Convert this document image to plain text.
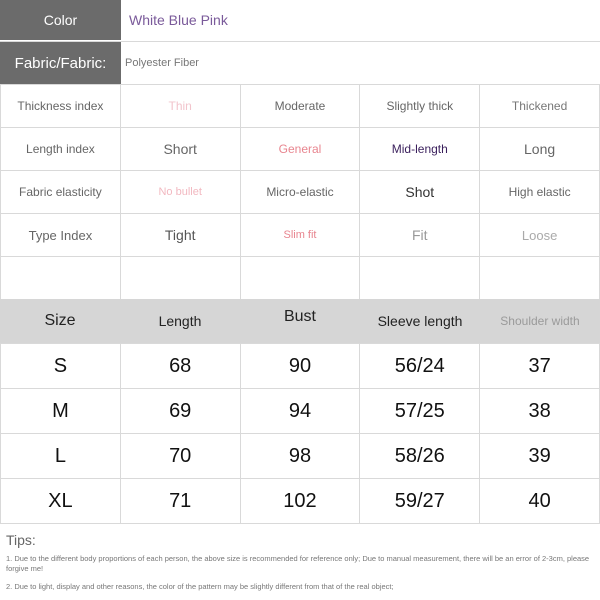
Color	White Blue Pink
Fabric/Fabric:	Polyester Fiber
Thickness index	Thin	Moderate	Slightly thick	Thickened
Length index	Short	General	Mid-length	Long
Fabric elasticity	No bullet	Micro-elastic	Shot	High elastic
Type Index	Tight	Slim fit	Fit	Loose

Size	Length	Bust	Sleeve length	Shoulder width
S	68	90	56/24	37
M	69	94	57/25	38
L	70	98	58/26	39
XL	71	102	59/27	40
Tips:
1. Due to the different body proportions of each person, the above size is recommended for reference only; Due to manual measurement, there will be an error of 2-3cm, please forgive me!
2. Due to light, display and other reasons, the color of the pattern may be slightly different from that of the real object;
